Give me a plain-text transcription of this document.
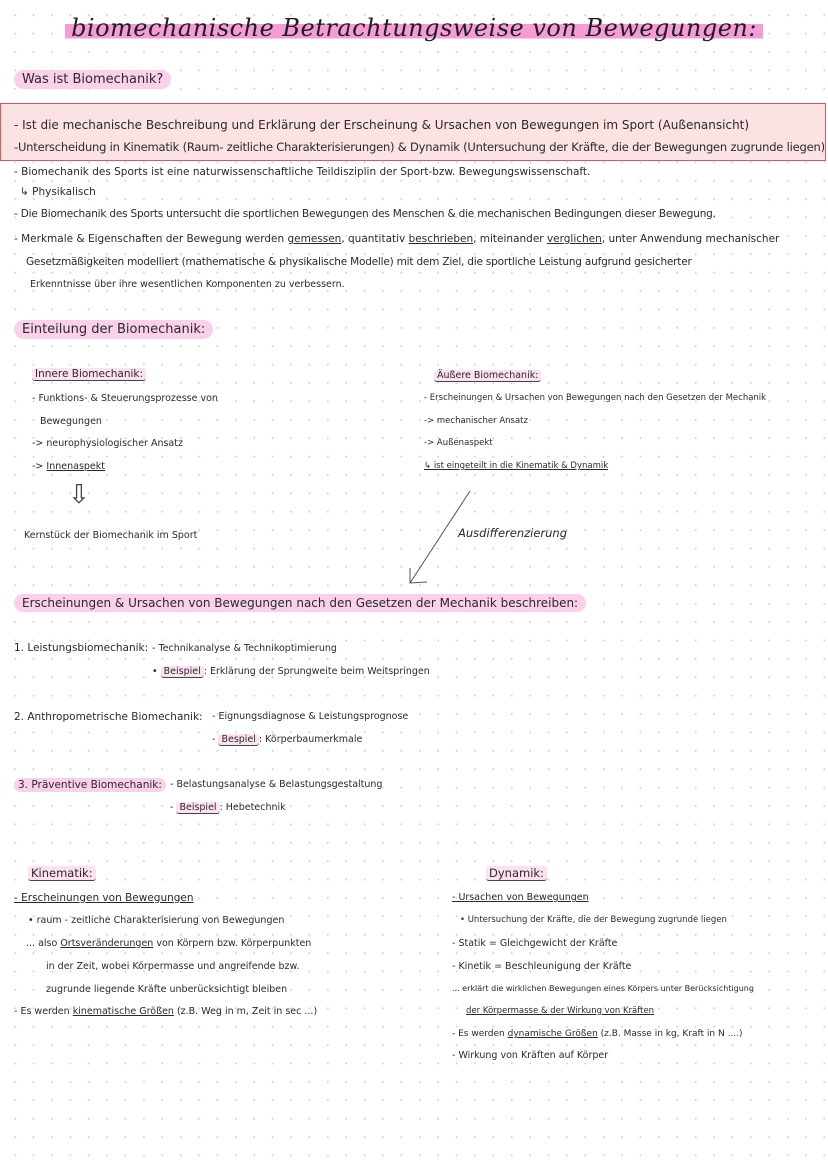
biomechanische Betrachtungsweise von Bewegungen:
Was ist Biomechanik?
- Ist die mechanische Beschreibung und Erklärung der Erscheinung & Ursachen von Bewegungen im Sport (Außenansicht)
-Unterscheidung in Kinematik (Raum- zeitliche Charakterisierungen) & Dynamik (Untersuchung der Kräfte, die der Bewegungen zugrunde liegen)
- Biomechanik des Sports ist eine naturwissenschaftliche Teildisziplin der Sport-bzw. Bewegungswissenschaft.
↳ Physikalisch
- Die Biomechanik des Sports untersucht die sportlichen Bewegungen des Menschen & die mechanischen Bedingungen dieser Bewegung.
- Merkmale & Eigenschaften der Bewegung werden gemessen, quantitativ beschrieben, miteinander verglichen, unter Anwendung mechanischer
Gesetzmäßigkeiten modelliert (mathematische & physikalische Modelle) mit dem Ziel, die sportliche Leistung aufgrund gesicherter
Erkenntnisse über ihre wesentlichen Komponenten zu verbessern.
Einteilung der Biomechanik:
Innere Biomechanik:
- Funktions- & Steuerungsprozesse von
Bewegungen
-> neurophysiologischer Ansatz
-> Innenaspekt
⇩
Kernstück der Biomechanik im Sport
Äußere Biomechanik:
- Erscheinungen & Ursachen von Bewegungen nach den Gesetzen der Mechanik
-> mechanischer Ansatz
-> Außenaspekt
↳ ist eingeteilt in die Kinematik & Dynamik
Ausdifferenzierung
Erscheinungen & Ursachen von Bewegungen nach den Gesetzen der Mechanik beschreiben:
1. Leistungsbiomechanik: - Technikanalyse & Technikoptimierung
• Beispiel : Erklärung der Sprungweite beim Weitspringen
2. Anthropometrische Biomechanik: - Eignungsdiagnose & Leistungsprognose
- Bespiel : Körperbaumerkmale
3. Präventive Biomechanik: - Belastungsanalyse & Belastungsgestaltung
- Beispiel : Hebetechnik
Kinematik:
- Erscheinungen von Bewegungen
• raum - zeitliche Charakterisierung von Bewegungen
... also Ortsveränderungen von Körpern bzw. Körperpunkten
in der Zeit, wobei Körpermasse und angreifende bzw.
zugrunde liegende Kräfte unberücksichtigt bleiben
- Es werden kinematische Größen (z.B. Weg in m, Zeit in sec ...)
Dynamik:
- Ursachen von Bewegungen
• Untersuchung der Kräfte, die der Bewegung zugrunde liegen
- Statik = Gleichgewicht der Kräfte
- Kinetik = Beschleunigung der Kräfte
... erklärt die wirklichen Bewegungen eines Körpers unter Berücksichtigung
der Körpermasse & der Wirkung von Kräften
- Es werden dynamische Größen (z.B. Masse in kg, Kraft in N ....)
- Wirkung von Kräften auf Körper
